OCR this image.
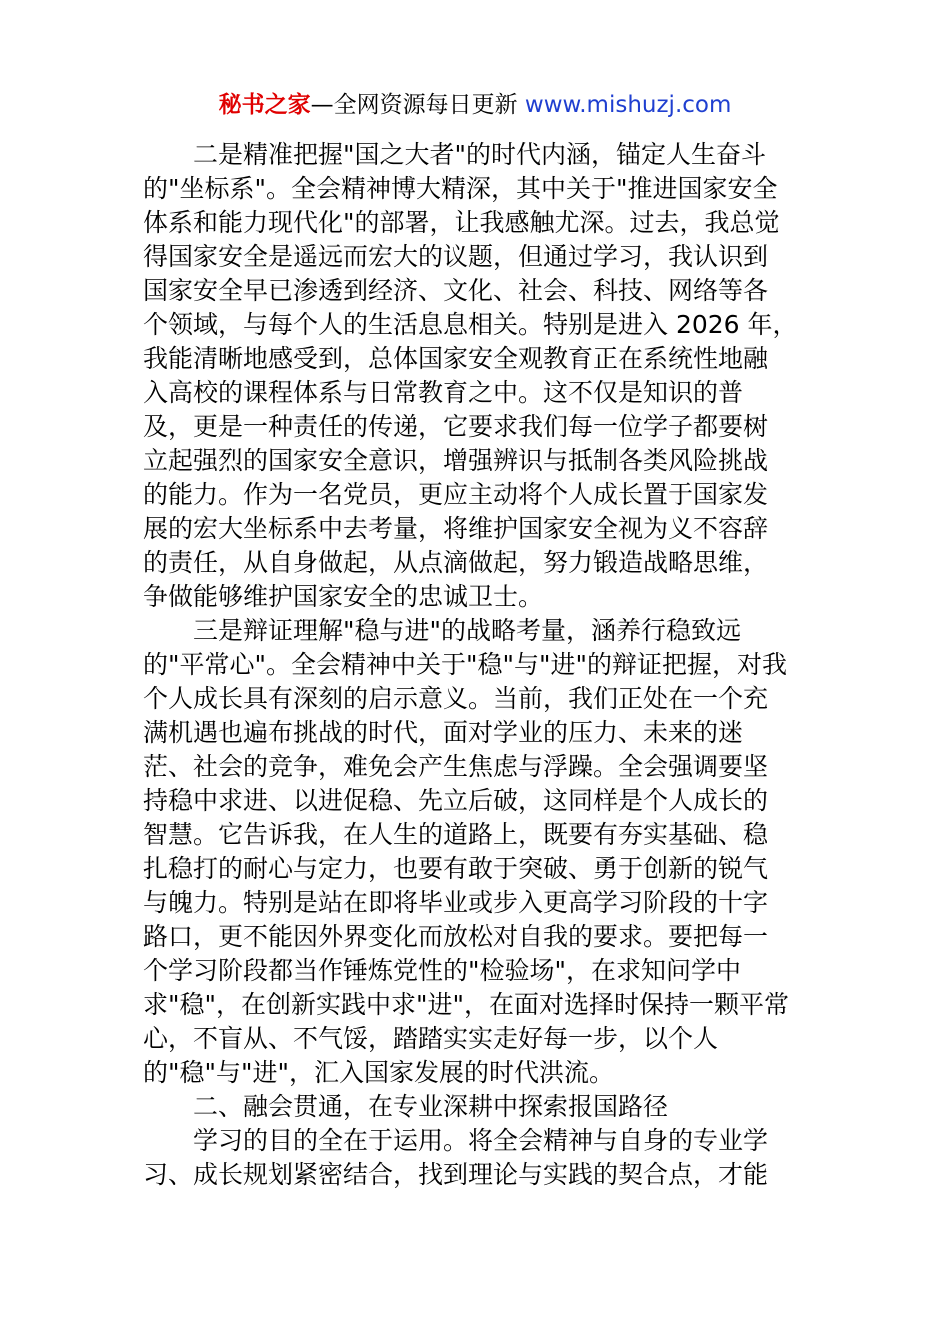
秘书之家—全网资源每日更新 www.mishuzj.com
二是精准把握"国之大者"的时代内涵，锚定人生奋斗
的"坐标系"。全会精神博大精深，其中关于"推进国家安全
体系和能力现代化"的部署，让我感触尤深。过去，我总觉
得国家安全是遥远而宏大的议题，但通过学习，我认识到
国家安全早已渗透到经济、文化、社会、科技、网络等各
个领域，与每个人的生活息息相关。特别是进入 2026 年，
我能清晰地感受到，总体国家安全观教育正在系统性地融
入高校的课程体系与日常教育之中。这不仅是知识的普
及，更是一种责任的传递，它要求我们每一位学子都要树
立起强烈的国家安全意识，增强辨识与抵制各类风险挑战
的能力。作为一名党员，更应主动将个人成长置于国家发
展的宏大坐标系中去考量，将维护国家安全视为义不容辞
的责任，从自身做起，从点滴做起，努力锻造战略思维，
争做能够维护国家安全的忠诚卫士。
三是辩证理解"稳与进"的战略考量，涵养行稳致远
的"平常心"。全会精神中关于"稳"与"进"的辩证把握，对我
个人成长具有深刻的启示意义。当前，我们正处在一个充
满机遇也遍布挑战的时代，面对学业的压力、未来的迷
茫、社会的竞争，难免会产生焦虑与浮躁。全会强调要坚
持稳中求进、以进促稳、先立后破，这同样是个人成长的
智慧。它告诉我，在人生的道路上，既要有夯实基础、稳
扎稳打的耐心与定力，也要有敢于突破、勇于创新的锐气
与魄力。特别是站在即将毕业或步入更高学习阶段的十字
路口，更不能因外界变化而放松对自我的要求。要把每一
个学习阶段都当作锤炼党性的"检验场"，在求知问学中
求"稳"，在创新实践中求"进"，在面对选择时保持一颗平常
心，不盲从、不气馁，踏踏实实走好每一步，以个人
的"稳"与"进"，汇入国家发展的时代洪流。
二、融会贯通，在专业深耕中探索报国路径
学习的目的全在于运用。将全会精神与自身的专业学
习、成长规划紧密结合，找到理论与实践的契合点，才能
